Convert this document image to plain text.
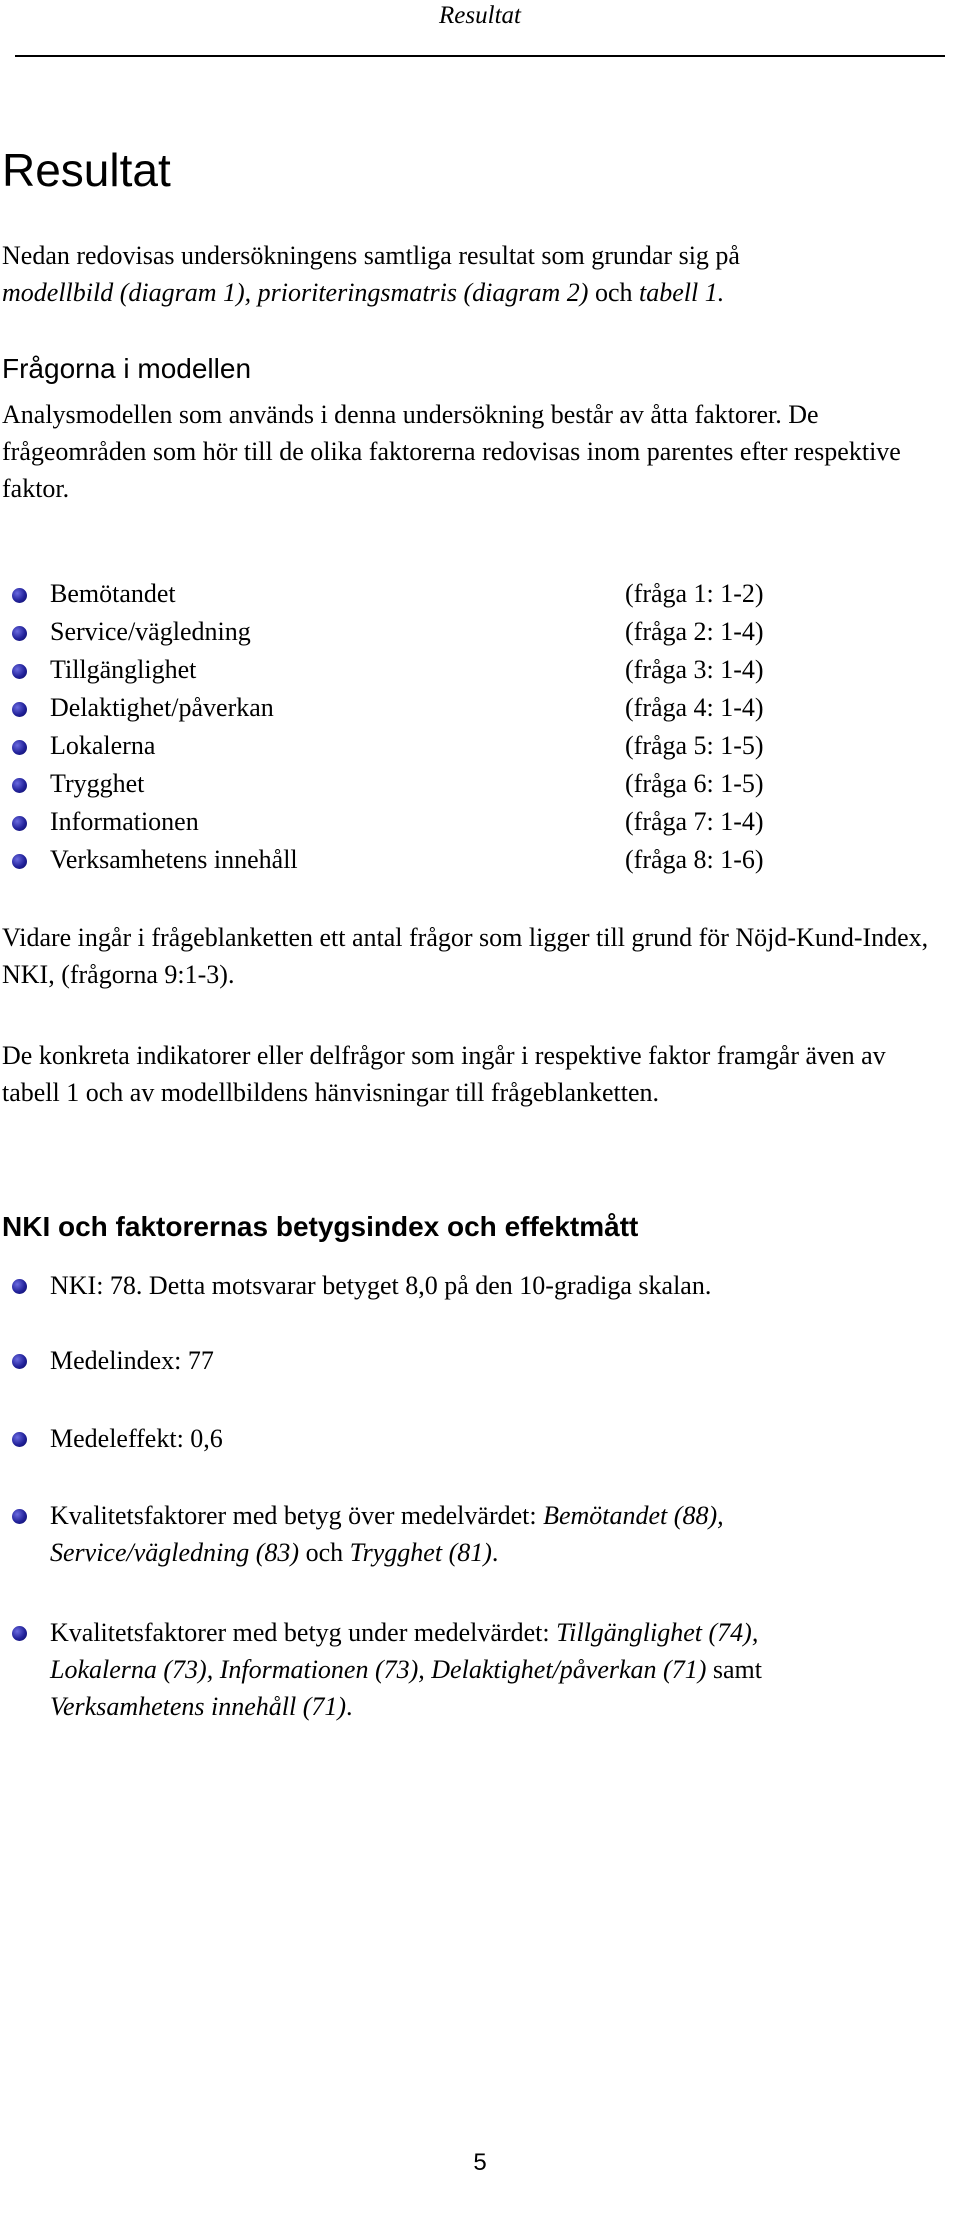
Resultat
Resultat
Nedan redovisas undersökningens samtliga resultat som grundar sig på
modellbild (diagram 1), prioriteringsmatris (diagram 2) och tabell 1.
Frågorna i modellen
Analysmodellen som används i denna undersökning består av åtta faktorer. De frågeområden som hör till de olika faktorerna redovisas inom parentes efter respektive faktor.
Bemötandet	(fråga 1: 1-2)
Service/vägledning	(fråga 2: 1-4)
Tillgänglighet	(fråga 3: 1-4)
Delaktighet/påverkan	(fråga 4: 1-4)
Lokalerna	(fråga 5: 1-5)
Trygghet	(fråga 6: 1-5)
Informationen	(fråga 7: 1-4)
Verksamhetens innehåll	(fråga 8: 1-6)
Vidare ingår i frågeblanketten ett antal frågor som ligger till grund för Nöjd-Kund-Index, NKI, (frågorna 9:1-3).
De konkreta indikatorer eller delfrågor som ingår i respektive faktor framgår även av tabell 1 och av modellbildens hänvisningar till frågeblanketten.
NKI och faktorernas betygsindex och effektmått
NKI: 78. Detta motsvarar betyget 8,0 på den 10-gradiga skalan.
Medelindex: 77
Medeleffekt: 0,6
Kvalitetsfaktorer med betyg över medelvärdet: Bemötandet (88),
Service/vägledning (83) och Trygghet (81).
Kvalitetsfaktorer med betyg under medelvärdet: Tillgänglighet (74),
Lokalerna (73), Informationen (73), Delaktighet/påverkan (71) samt
Verksamhetens innehåll (71).
5
